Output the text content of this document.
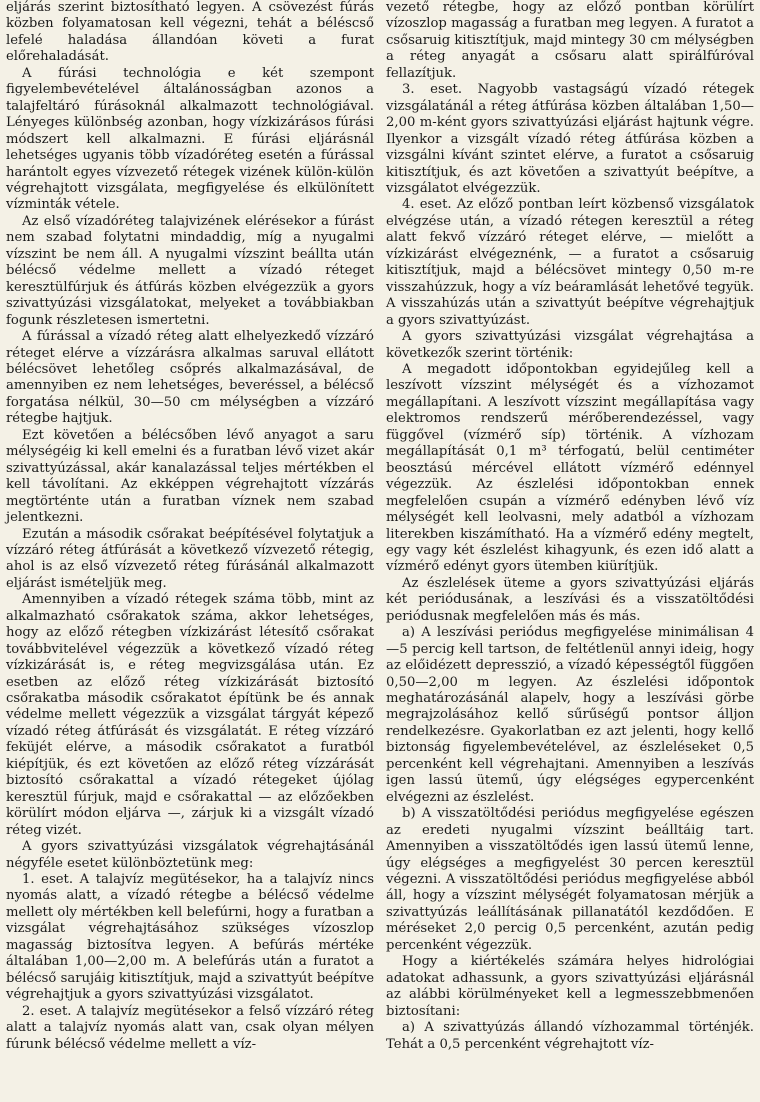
eljárás szerint biztosítható legyen. A csövezést fúrás közben folyamatosan kell végezni, tehát a béléscső lefelé haladása állandóan követi a furat előrehaladását.

A fúrási technológia e két szempont figyelembevételével általánosságban azonos a talajfeltáró fúrásoknál alkalmazott technológiával. Lényeges különbség azonban, hogy vízkizárásos fúrási módszert kell alkalmazni. E fúrási eljárásnál lehetséges ugyanis több vízadóréteg esetén a fúrással harántolt egyes vízvezető rétegek vizének külön-külön végrehajtott vizsgálata, megfigyelése és elkülönített vízminták vétele.

Az első vízadóréteg talajvizének elérésekor a fúrást nem szabad folytatni mindaddig, míg a nyugalmi vízszint be nem áll. A nyugalmi vízszint beállta után bélécső védelme mellett a vízadó réteget keresztülfúrjuk és átfúrás közben elvégezzük a gyors szivattyúzási vizsgálatokat, melyeket a továbbiakban fogunk részletesen ismertetni.

A fúrással a vízadó réteg alatt elhelyezkedő vízzáró réteget elérve a vízzárásra alkalmas saruval ellátott bélécsövet lehetőleg csőprés alkalmazásával, de amennyiben ez nem lehetséges, beveréssel, a bélécső forgatása nélkül, 30—50 cm mélységben a vízzáró rétegbe hajtjuk.

Ezt követően a bélécsőben lévő anyagot a saru mélységéig ki kell emelni és a furatban lévő vizet akár szivattyúzással, akár kanalazással teljes mértékben el kell távolítani. Az ekképpen végrehajtott vízzárás megtörténte után a furatban víznek nem szabad jelentkezni.

Ezután a második csőrakat beépítésével folytatjuk a vízzáró réteg átfúrását a következő vízvezető rétegig, ahol is az első vízvezető réteg fúrásánál alkalmazott eljárást ismételjük meg.

Amennyiben a vízadó rétegek száma több, mint az alkalmazható csőrakatok száma, akkor lehetséges, hogy az előző rétegben vízkizárást létesítő csőrakat továbbvitelével végezzük a következő vízadó réteg vízkizárását is, e réteg megvizsgálása után. Ez esetben az előző réteg vízkizárását biztosító csőrakatba második csőrakatot építünk be és annak védelme mellett végezzük a vizsgálat tárgyát képező vízadó réteg átfúrását és vizsgálatát. E réteg vízzáró feküjét elérve, a második csőrakatot a furatból kiépítjük, és ezt követően az előző réteg vízzárását biztosító csőrakattal a vízadó rétegeket újólag keresztül fúrjuk, majd e csőrakattal — az előzőekben körülírt módon eljárva —, zárjuk ki a vizsgált vízadó réteg vizét.

A gyors szivattyúzási vizsgálatok végrehajtásánál négyféle esetet különböztetünk meg:

1. eset. A talajvíz megütésekor, ha a talajvíz nincs nyomás alatt, a vízadó rétegbe a bélécső védelme mellett oly mértékben kell belefúrni, hogy a furatban a vizsgálat végrehajtásához szükséges vízoszlop magasság biztosítva legyen. A befúrás mértéke általában 1,00—2,00 m. A belefúrás után a furatot a bélécső sarujáig kitisztítjuk, majd a szivattyút beépítve végrehajtjuk a gyors szivattyúzási vizsgálatot.

2. eset. A talajvíz megütésekor a felső vízzáró réteg alatt a talajvíz nyomás alatt van, csak olyan mélyen fúrunk bélécső védelme mellett a víz-

vezető rétegbe, hogy az előző pontban körülírt vízoszlop magasság a furatban meg legyen. A furatot a csősaruig kitisztítjuk, majd mintegy 30 cm mélységben a réteg anyagát a csősaru alatt spirálfúróval fellazítjuk.

3. eset. Nagyobb vastagságú vízadó rétegek vizsgálatánál a réteg átfúrása közben általában 1,50—2,00 m-ként gyors szivattyúzási eljárást hajtunk végre. Ilyenkor a vizsgált vízadó réteg átfúrása közben a vizsgálni kívánt szintet elérve, a furatot a csősaruig kitisztítjuk, és azt követően a szivattyút beépítve, a vizsgálatot elvégezzük.

4. eset. Az előző pontban leírt közbenső vizsgálatok elvégzése után, a vízadó rétegen keresztül a réteg alatt fekvő vízzáró réteget elérve, — mielőtt a vízkizárást elvégeznénk, — a furatot a csősaruig kitisztítjuk, majd a bélécsövet mintegy 0,50 m-re visszahúzzuk, hogy a víz beáramlását lehetővé tegyük. A visszahúzás után a szivattyút beépítve végrehajtjuk a gyors szivattyúzást.

A gyors szivattyúzási vizsgálat végrehajtása a következők szerint történik:

A megadott időpontokban egyidejűleg kell a leszívott vízszint mélységét és a vízhozamot megállapítani. A leszívott vízszint megállapítása vagy elektromos rendszerű mérőberendezéssel, vagy függővel (vízmérő síp) történik. A vízhozam megállapítását 0,1 m³ térfogatú, belül centiméter beosztású mércével ellátott vízmérő edénnyel végezzük. Az észlelési időpontokban ennek megfelelően csupán a vízmérő edényben lévő víz mélységét kell leolvasni, mely adatból a vízhozam literekben kiszámítható. Ha a vízmérő edény megtelt, egy vagy két észlelést kihagyunk, és ezen idő alatt a vízmérő edényt gyors ütemben kiürítjük.

Az észlelések üteme a gyors szivattyúzási eljárás két periódusának, a leszívási és a visszatöltődési periódusnak megfelelően más és más.

a) A leszívási periódus megfigyelése minimálisan 4—5 percig kell tartson, de feltétlenül annyi ideig, hogy az előidézett depresszió, a vízadó képességtől függően 0,50—2,00 m legyen. Az észlelési időpontok meghatározásánál alapelv, hogy a leszívási görbe megrajzolásához kellő sűrűségű pontsor álljon rendelkezésre. Gyakorlatban ez azt jelenti, hogy kellő biztonság figyelembevételével, az észleléseket 0,5 percenként kell végrehajtani. Amennyiben a leszívás igen lassú ütemű, úgy elégséges egypercenként elvégezni az észlelést.

b) A visszatöltődési periódus megfigyelése egészen az eredeti nyugalmi vízszint beálltáig tart. Amennyiben a visszatöltődés igen lassú ütemű lenne, úgy elégséges a megfigyelést 30 percen keresztül végezni. A visszatöltődési periódus megfigyelése abból áll, hogy a vízszint mélységét folyamatosan mérjük a szivattyúzás leállításának pillanatától kezdődően. E méréseket 2,0 percig 0,5 percenként, azután pedig percenként végezzük.

Hogy a kiértékelés számára helyes hidrológiai adatokat adhassunk, a gyors szivattyúzási eljárásnál az alábbi körülményeket kell a legmesszebbmenően biztosítani:

a) A szivattyúzás állandó vízhozammal történjék. Tehát a 0,5 percenként végrehajtott víz-
